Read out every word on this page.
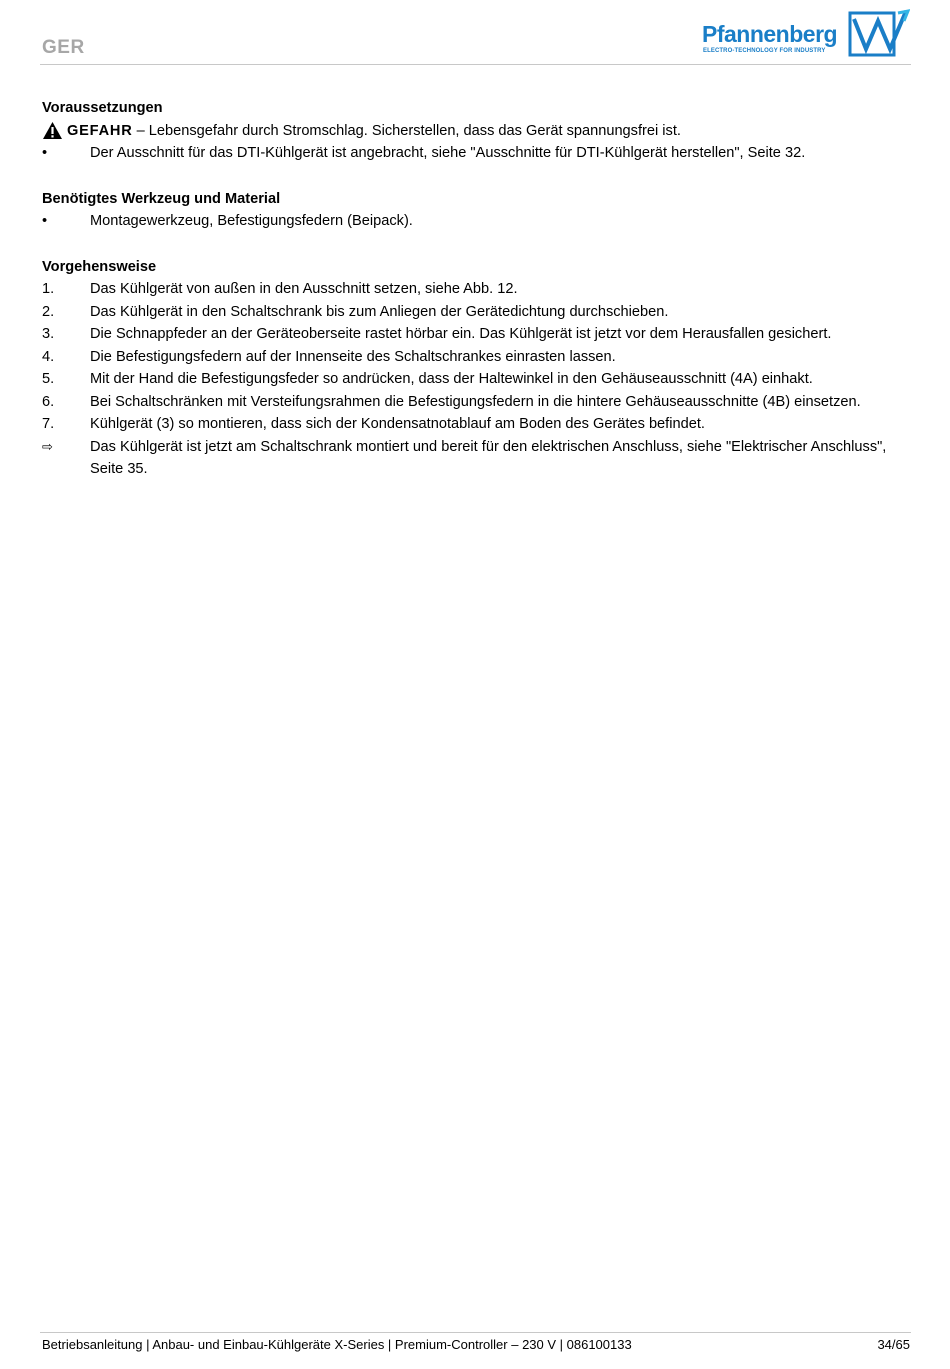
GER
Pfannenberg
ELECTRO-TECHNOLOGY FOR INDUSTRY

Voraussetzungen

GEFAHR – Lebensgefahr durch Stromschlag. Sicherstellen, dass das Gerät spannungsfrei ist.
•	Der Ausschnitt für das DTI-Kühlgerät ist angebracht, siehe "Ausschnitte für DTI-Kühlgerät herstellen", Seite 32.

Benötigtes Werkzeug und Material

•	Montagewerkzeug, Befestigungsfedern (Beipack).

Vorgehensweise

1.	Das Kühlgerät von außen in den Ausschnitt setzen, siehe Abb. 12.
2.	Das Kühlgerät in den Schaltschrank bis zum Anliegen der Gerätedichtung durchschieben.
3.	Die Schnappfeder an der Geräteoberseite rastet hörbar ein. Das Kühlgerät ist jetzt vor dem Herausfallen gesichert.
4.	Die Befestigungsfedern auf der Innenseite des Schaltschrankes einrasten lassen.
5.	Mit der Hand die Befestigungsfeder so andrücken, dass der Haltewinkel in den Gehäuseausschnitt (4A) einhakt.
6.	Bei Schaltschränken mit Versteifungsrahmen die Befestigungsfedern in die hintere Gehäuseausschnitte (4B) einsetzen.
7.	Kühlgerät (3) so montieren, dass sich der Kondensatnotablauf am Boden des Gerätes befindet.
⇨	Das Kühlgerät ist jetzt am Schaltschrank montiert und bereit für den elektrischen Anschluss, siehe "Elektrischer Anschluss", Seite 35.
Betriebsanleitung | Anbau- und Einbau-Kühlgeräte X-Series | Premium-Controller – 230 V | 086100133	34/65
